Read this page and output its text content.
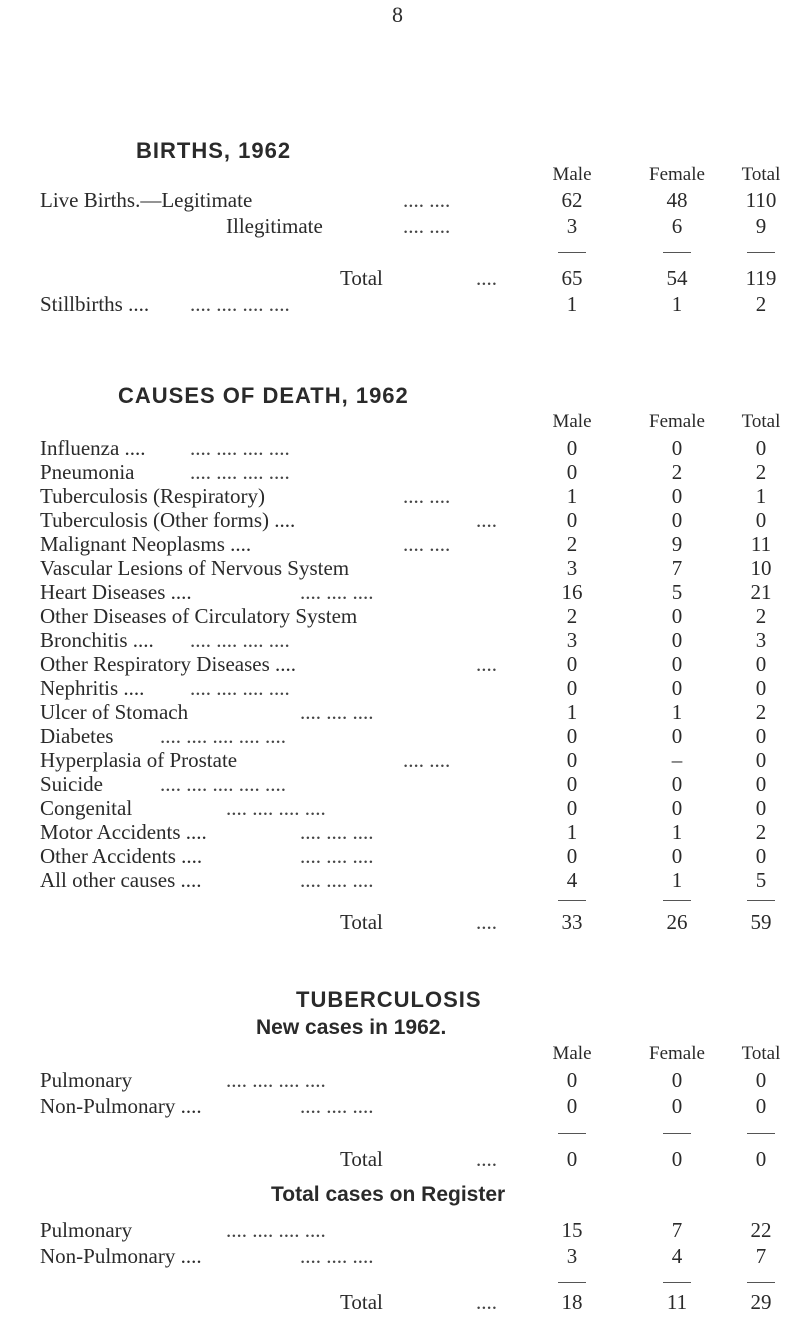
8
BIRTHS, 1962
Male	Female	Total
Live Births.—Legitimate	.... ....	62	48	110
Illegitimate	.... ....	3	6	9
Total	....	65	54	119
Stillbirths .... .... .... .... ....	1	1	2
CAUSES OF DEATH, 1962
Male	Female	Total
Influenza .... .... .... .... ....	0	0	0
Pneumonia	.... .... .... ....	0	2	2
Tuberculosis (Respiratory)	.... ....	1	0	1
Tuberculosis (Other forms) ....	....	0	0	0
Malignant Neoplasms ....	.... ....	2	9	11
Vascular Lesions of Nervous System	3	7	10
Heart Diseases ....	.... .... ....	16	5	21
Other Diseases of Circulatory System	2	0	2
Bronchitis .... .... .... .... ....	3	0	3
Other Respiratory Diseases ....	....	0	0	0
Nephritis .... .... .... .... ....	0	0	0
Ulcer of Stomach	.... .... ....	1	1	2
Diabetes .... .... .... .... ....	0	0	0
Hyperplasia of Prostate	.... ....	0	–	0
Suicide	.... .... .... .... ....	0	0	0
Congenital	.... .... .... ....	0	0	0
Motor Accidents ....	.... .... ....	1	1	2
Other Accidents ....	.... .... ....	0	0	0
All other causes ....	.... .... ....	4	1	5
Total	....	33	26	59
TUBERCULOSIS
New cases in 1962.
Male	Female	Total
Pulmonary	.... .... .... ....	0	0	0
Non-Pulmonary ....	.... .... ....	0	0	0
Total	....	0	0	0
Total cases on Register
Pulmonary	.... .... .... ....	15	7	22
Non-Pulmonary ....	.... .... ....	3	4	7
Total	....	18	11	29
